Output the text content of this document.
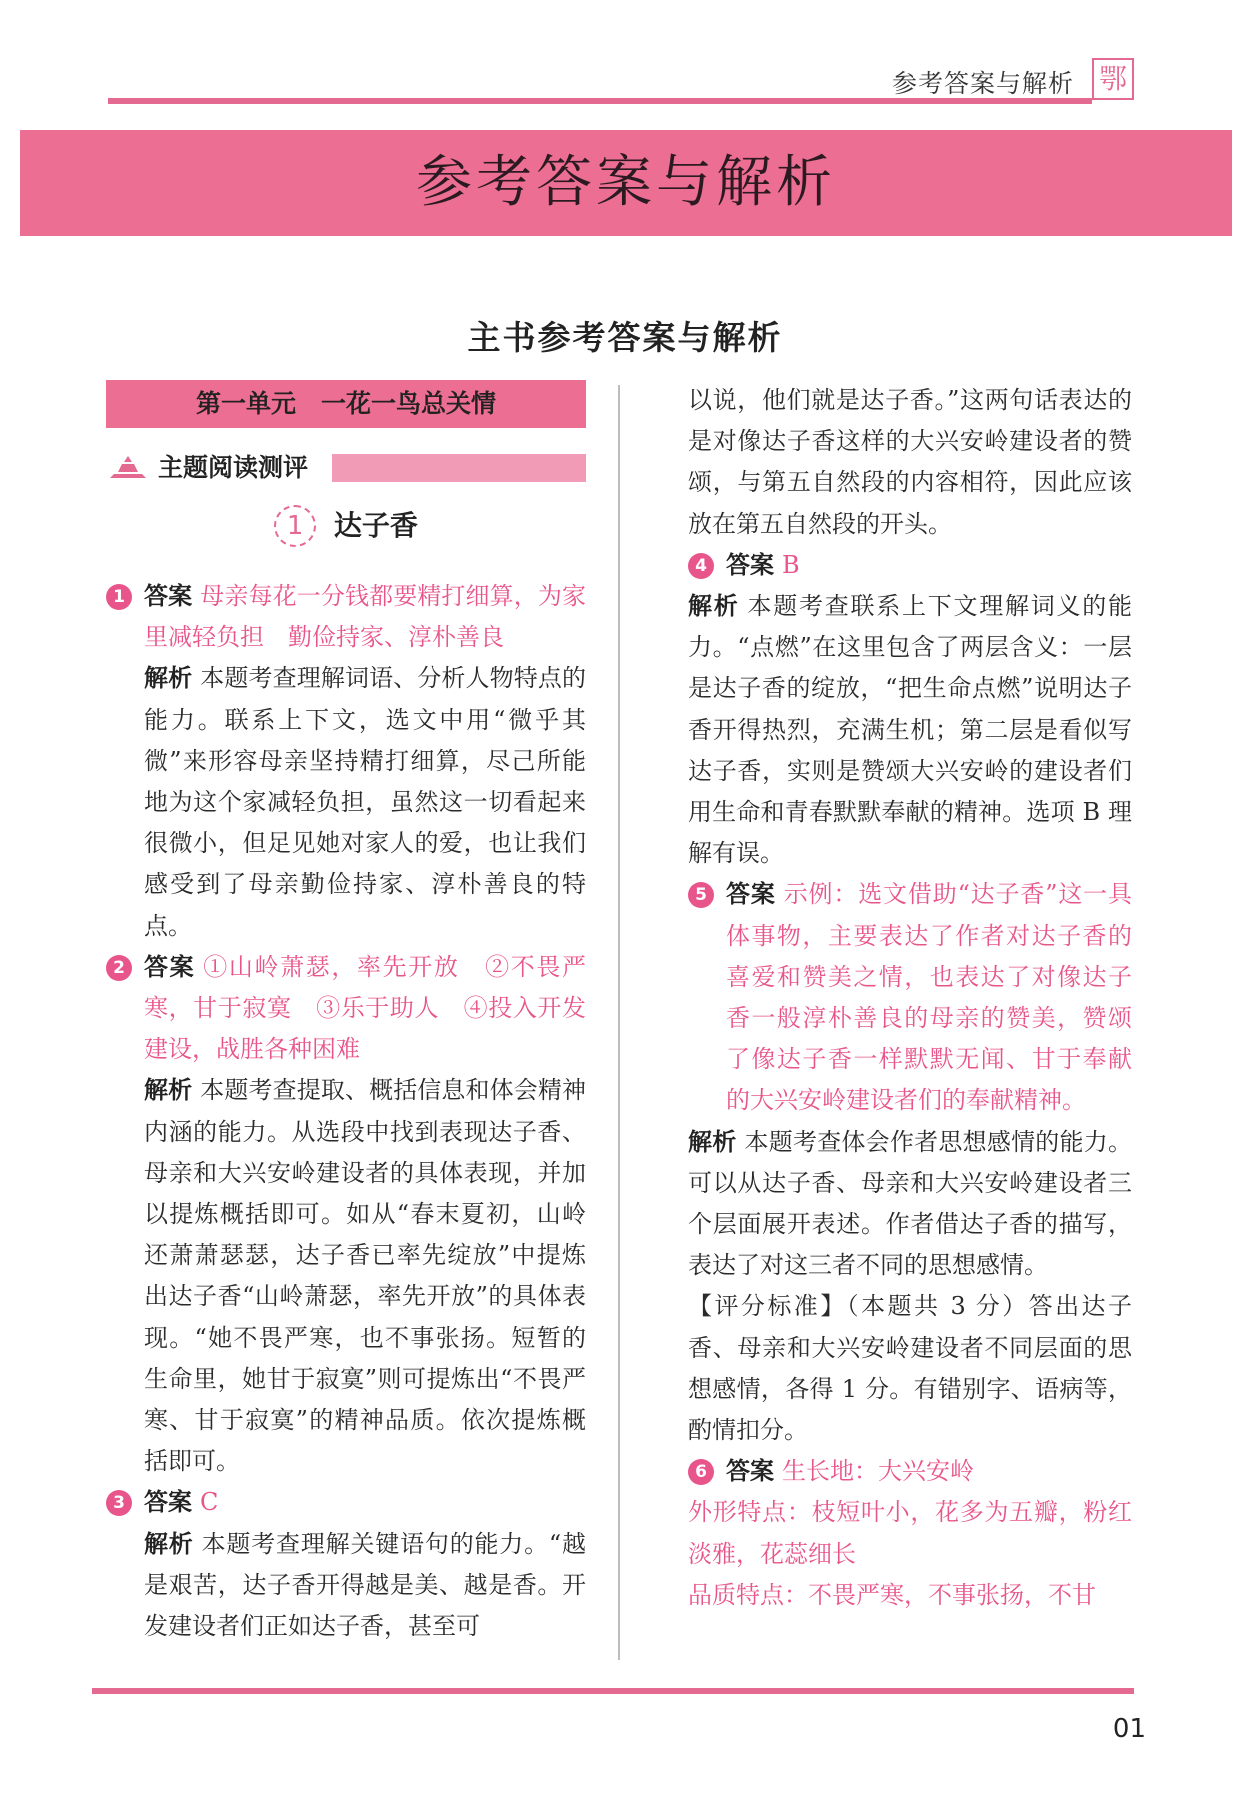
参考答案与解析 鄂
参考答案与解析
主书参考答案与解析
第一单元　一花一鸟总关情
主题阅读测评
1 达子香
1 答案 母亲每花一分钱都要精打细算，为家里减轻负担　勤俭持家、淳朴善良
解析 本题考查理解词语、分析人物特点的能力。联系上下文，选文中用“微乎其微”来形容母亲坚持精打细算，尽己所能地为这个家减轻负担，虽然这一切看起来很微小，但足见她对家人的爱，也让我们感受到了母亲勤俭持家、淳朴善良的特点。
2 答案 ①山岭萧瑟，率先开放　②不畏严寒，甘于寂寞　③乐于助人　④投入开发建设，战胜各种困难
解析 本题考查提取、概括信息和体会精神内涵的能力。从选段中找到表现达子香、母亲和大兴安岭建设者的具体表现，并加以提炼概括即可。如从“春末夏初，山岭还萧萧瑟瑟，达子香已率先绽放”中提炼出达子香“山岭萧瑟，率先开放”的具体表现。“她不畏严寒，也不事张扬。短暂的生命里，她甘于寂寞”则可提炼出“不畏严寒、甘于寂寞”的精神品质。依次提炼概括即可。
3 答案 C
解析 本题考查理解关键语句的能力。“越是艰苦，达子香开得越是美、越是香。开发建设者们正如达子香，甚至可
以说，他们就是达子香。”这两句话表达的是对像达子香这样的大兴安岭建设者的赞颂，与第五自然段的内容相符，因此应该放在第五自然段的开头。
4 答案 B
解析 本题考查联系上下文理解词义的能力。“点燃”在这里包含了两层含义：一层是达子香的绽放，“把生命点燃”说明达子香开得热烈，充满生机；第二层是看似写达子香，实则是赞颂大兴安岭的建设者们用生命和青春默默奉献的精神。选项 B 理解有误。
5 答案 示例：选文借助“达子香”这一具体事物，主要表达了作者对达子香的喜爱和赞美之情，也表达了对像达子香一般淳朴善良的母亲的赞美，赞颂了像达子香一样默默无闻、甘于奉献的大兴安岭建设者们的奉献精神。
解析 本题考查体会作者思想感情的能力。可以从达子香、母亲和大兴安岭建设者三个层面展开表述。作者借达子香的描写，表达了对这三者不同的思想感情。
【评分标准】（本题共 3 分）答出达子香、母亲和大兴安岭建设者不同层面的思想感情，各得 1 分。有错别字、语病等，酌情扣分。
6 答案 生长地：大兴安岭
外形特点：枝短叶小，花多为五瓣，粉红淡雅，花蕊细长
品质特点：不畏严寒，不事张扬，不甘
01
